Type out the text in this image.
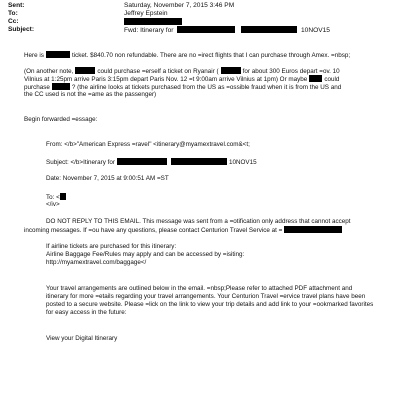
Sent:	Saturday, November 7, 2015 3:46 PM
To:	Jeffrey Epstein
Cc:
Subject:	Fwd: Itinerary for	10NOV15
Here is	ticket. $840.70 non refundable. There are no =irect flights that I can purchase through Amex. =nbsp;
(On another note,	could purchase =erself a ticket on Ryanair (	for about 300 Euros depart =ov. 10
Vilnius at 1:25pm arrive Paris 3:15pm depart Paris Nov. 12 =t 9:00am arrive Vilnius at 1pm) Or maybe	could
purchase	? (the airline looks at tickets purchased from the US as =ossible fraud when it is from the US and
the CC used is not the =ame as the passenger)
Begin forwarded =essage:
From: </b>"American Express =ravel" <itinerary@myamextravel.com&<t;
Subject: </b>Itinerary for	10NOV15
Date: November 7, 2015 at 9:00:51 AM =ST
To: <
</iv>
DO NOT REPLY TO THIS EMAIL. This message was sent from a =otification only address that cannot accept
incoming messages. If =ou have any questions, please contact Centurion Travel Service at =
If airline tickets are purchased for this itinerary:
Airline Baggage Fee/Rules may apply and can be accessed by =isiting:
http://myamextravel.com/baggage</
Your travel arrangements are outlined below in the email. =nbsp;Please refer to attached PDF attachment and
itinerary for more =etails regarding your travel arrangements. Your Centurion Travel =ervice travel plans have been
posted to a secure website. Please =lick on the link to view your trip details and add link to your =ookmarked favorites
for easy access in the future:
View your Digital Itinerary
